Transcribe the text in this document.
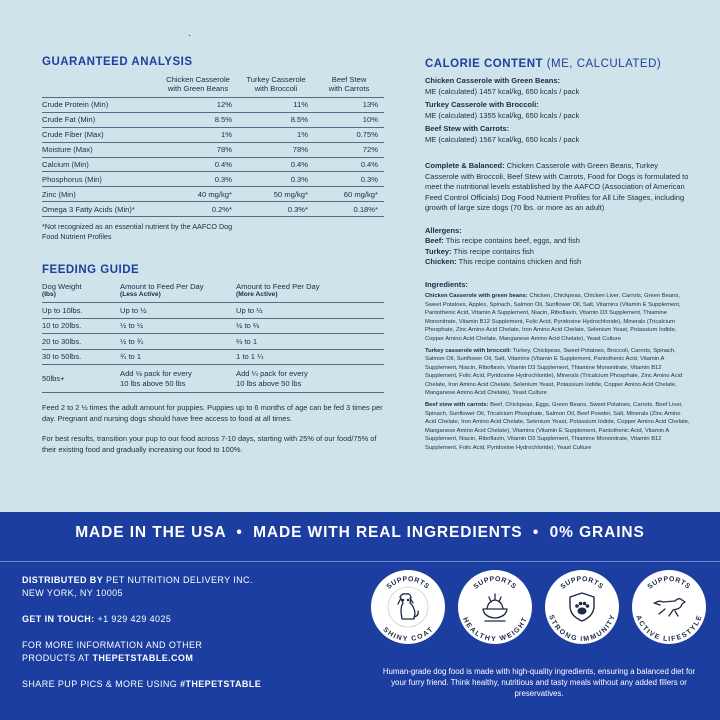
.
GUARANTEED ANALYSIS
	Chicken Casserole
with Green Beans	Turkey Casserole
with Broccoli	Beef Stew
with Carrots
Crude Protein (Min)	12%	11%	13%
Crude Fat (Min)	8.5%	8.5%	10%
Crude Fiber (Max)	1%	1%	0.75%
Moisture (Max)	78%	78%	72%
Calcium (Min)	0.4%	0.4%	0.4%
Phosphorus (Min)	0.3%	0.3%	0.3%
Zinc (Min)	40 mg/kg*	50 mg/kg*	60 mg/kg*
Omega 3 Fatty Acids (Min)*	0.2%*	0.3%*	0.18%*

*Not recognized as an essential nutrient by the AAFCO Dog Food Nutrient Profiles

FEEDING GUIDE
Dog Weight
(lbs)	Amount to Feed Per Day
(Less Active)	Amount to Feed Per Day
(More Active)

Up to 10lbs.	Up to ½	Up to ½
10 to 20lbs.	½ to ½	½ to ⅔
20 to 30lbs.	½ to ¾	⅔ to 1
30 to 50lbs.	¾ to 1	1 to 1 ¼
50lbs+	Add ⅛ pack for every
10 lbs above 50 lbs	Add ¼ pack for every
10 lbs above 50 lbs

Feed 2 to 2 ½ times the adult amount for puppies. Puppies up to 6 months of age can be fed 3 times per day. Pregnant and nursing dogs should have free access to food at all times.

For best results, transition your pup to our food across 7-10 days, starting with 25% of our food/75% of their existing food and gradually increasing our food to 100%.

CALORIE CONTENT (ME, CALCULATED)

Chicken Casserole with Green Beans:

ME (calculated) 1457 kcal/kg, 650 kcals / pack

Turkey Casserole with Broccoli:

ME (calculated) 1355 kcal/kg, 650 kcals / pack

Beef Stew with Carrots:

ME (calculated) 1567 kcal/kg, 650 kcals / pack

Complete & Balanced: Chicken Casserole with Green Beans, Turkey Casserole with Broccoli, Beef Stew with Carrots, Food for Dogs is formulated to meet the nutritional levels established by the AAFCO (Association of American Feed Control Officials) Dog Food Nutrient Profiles for All Life Stages, including growth of large size dogs (70 lbs. or more as an adult)

Allergens:

Beef: This recipe contains beef, eggs, and fish

Turkey: This recipe contains fish

Chicken: This recipe contains chicken and fish

Ingredients:

Chicken Casserole with green beans: Chicken, Chickpeas, Chicken Liver, Carrots, Green Beans, Sweet Potatoes, Apples, Spinach, Salmon Oil, Sunflower Oil, Salt, Vitamins (Vitamin E Supplement, Pantothenic Acid, Vitamin A Supplement, Niacin, Riboflavin, Vitamin D3 Supplement, Thiamine Mononitrate, Vitamin B12 Supplement, Folic Acid, Pyridoxine Hydrochloride), Minerals (Tricalcium Phosphate, Zinc Amino Acid Chelate, Iron Amino Acid Chelate, Selenium Yeast, Potassium Iodide, Copper Amino Acid Chelate, Manganese Amino Acid Chelate), Yeast Culture

Turkey casserole with broccoli: Turkey, Chickpeas, Sweet Potatoes, Broccoli, Carrots, Spinach, Salmon Oil, Sunflower Oil, Salt, Vitamins (Vitamin E Supplement, Pantothenic Acid, Vitamin A Supplement, Niacin, Riboflavin, Vitamin D3 Supplement, Thiamine Mononitrate, Vitamin B12 Supplement, Folic Acid, Pyridoxine Hydrochloride), Minerals (Tricalcium Phosphate, Zinc Amino Acid Chelate, Iron Amino Acid Chelate, Selenium Yeast, Potassium Iodide, Copper Amino Acid Chelate, Manganese Amino Acid Chelate), Yeast Culture

Beef stew with carrots: Beef, Chickpeas, Eggs, Green Beans, Sweet Potatoes, Carrots, Beef Liver, Spinach, Sunflower Oil, Tricalcium Phosphate, Salmon Oil, Beef Powder, Salt, Minerals (Zinc Amino Acid Chelate, Iron Amino Acid Chelate, Selenium Yeast, Potassium Iodide, Copper Amino Acid Chelate, Manganese Amino Acid Chelate), Vitamins (Vitamin E Supplement, Pantothenic Acid, Vitamin A Supplement, Niacin, Riboflavin, Vitamin D3 Supplement, Thiamine Mononitrate, Vitamin B12 Supplement, Folic Acid, Pyridoxine Hydrochloride), Yeast Culture

MADE IN THE USA  •  MADE WITH REAL INGREDIENTS  •  0% GRAINS

DISTRIBUTED BY PET NUTRITION DELIVERY INC.

NEW YORK, NY 10005

GET IN TOUCH: +1 929 429 4025

FOR MORE INFORMATION AND OTHER

PRODUCTS AT THEPETSTABLE.COM

SHARE PUP PICS & MORE USING #THEPETSTABLE

SUPPORTS
SHINY COAT
SUPPORTS
HEALTHY WEIGHT
SUPPORTS
STRONG IMMUNITY
SUPPORTS
ACTIVE LIFESTYLE

Human-grade dog food is made with high-quality ingredients, ensuring a balanced diet for your furry friend. Think healthy, nutritious and tasty meals without any added fillers or preservatives.
